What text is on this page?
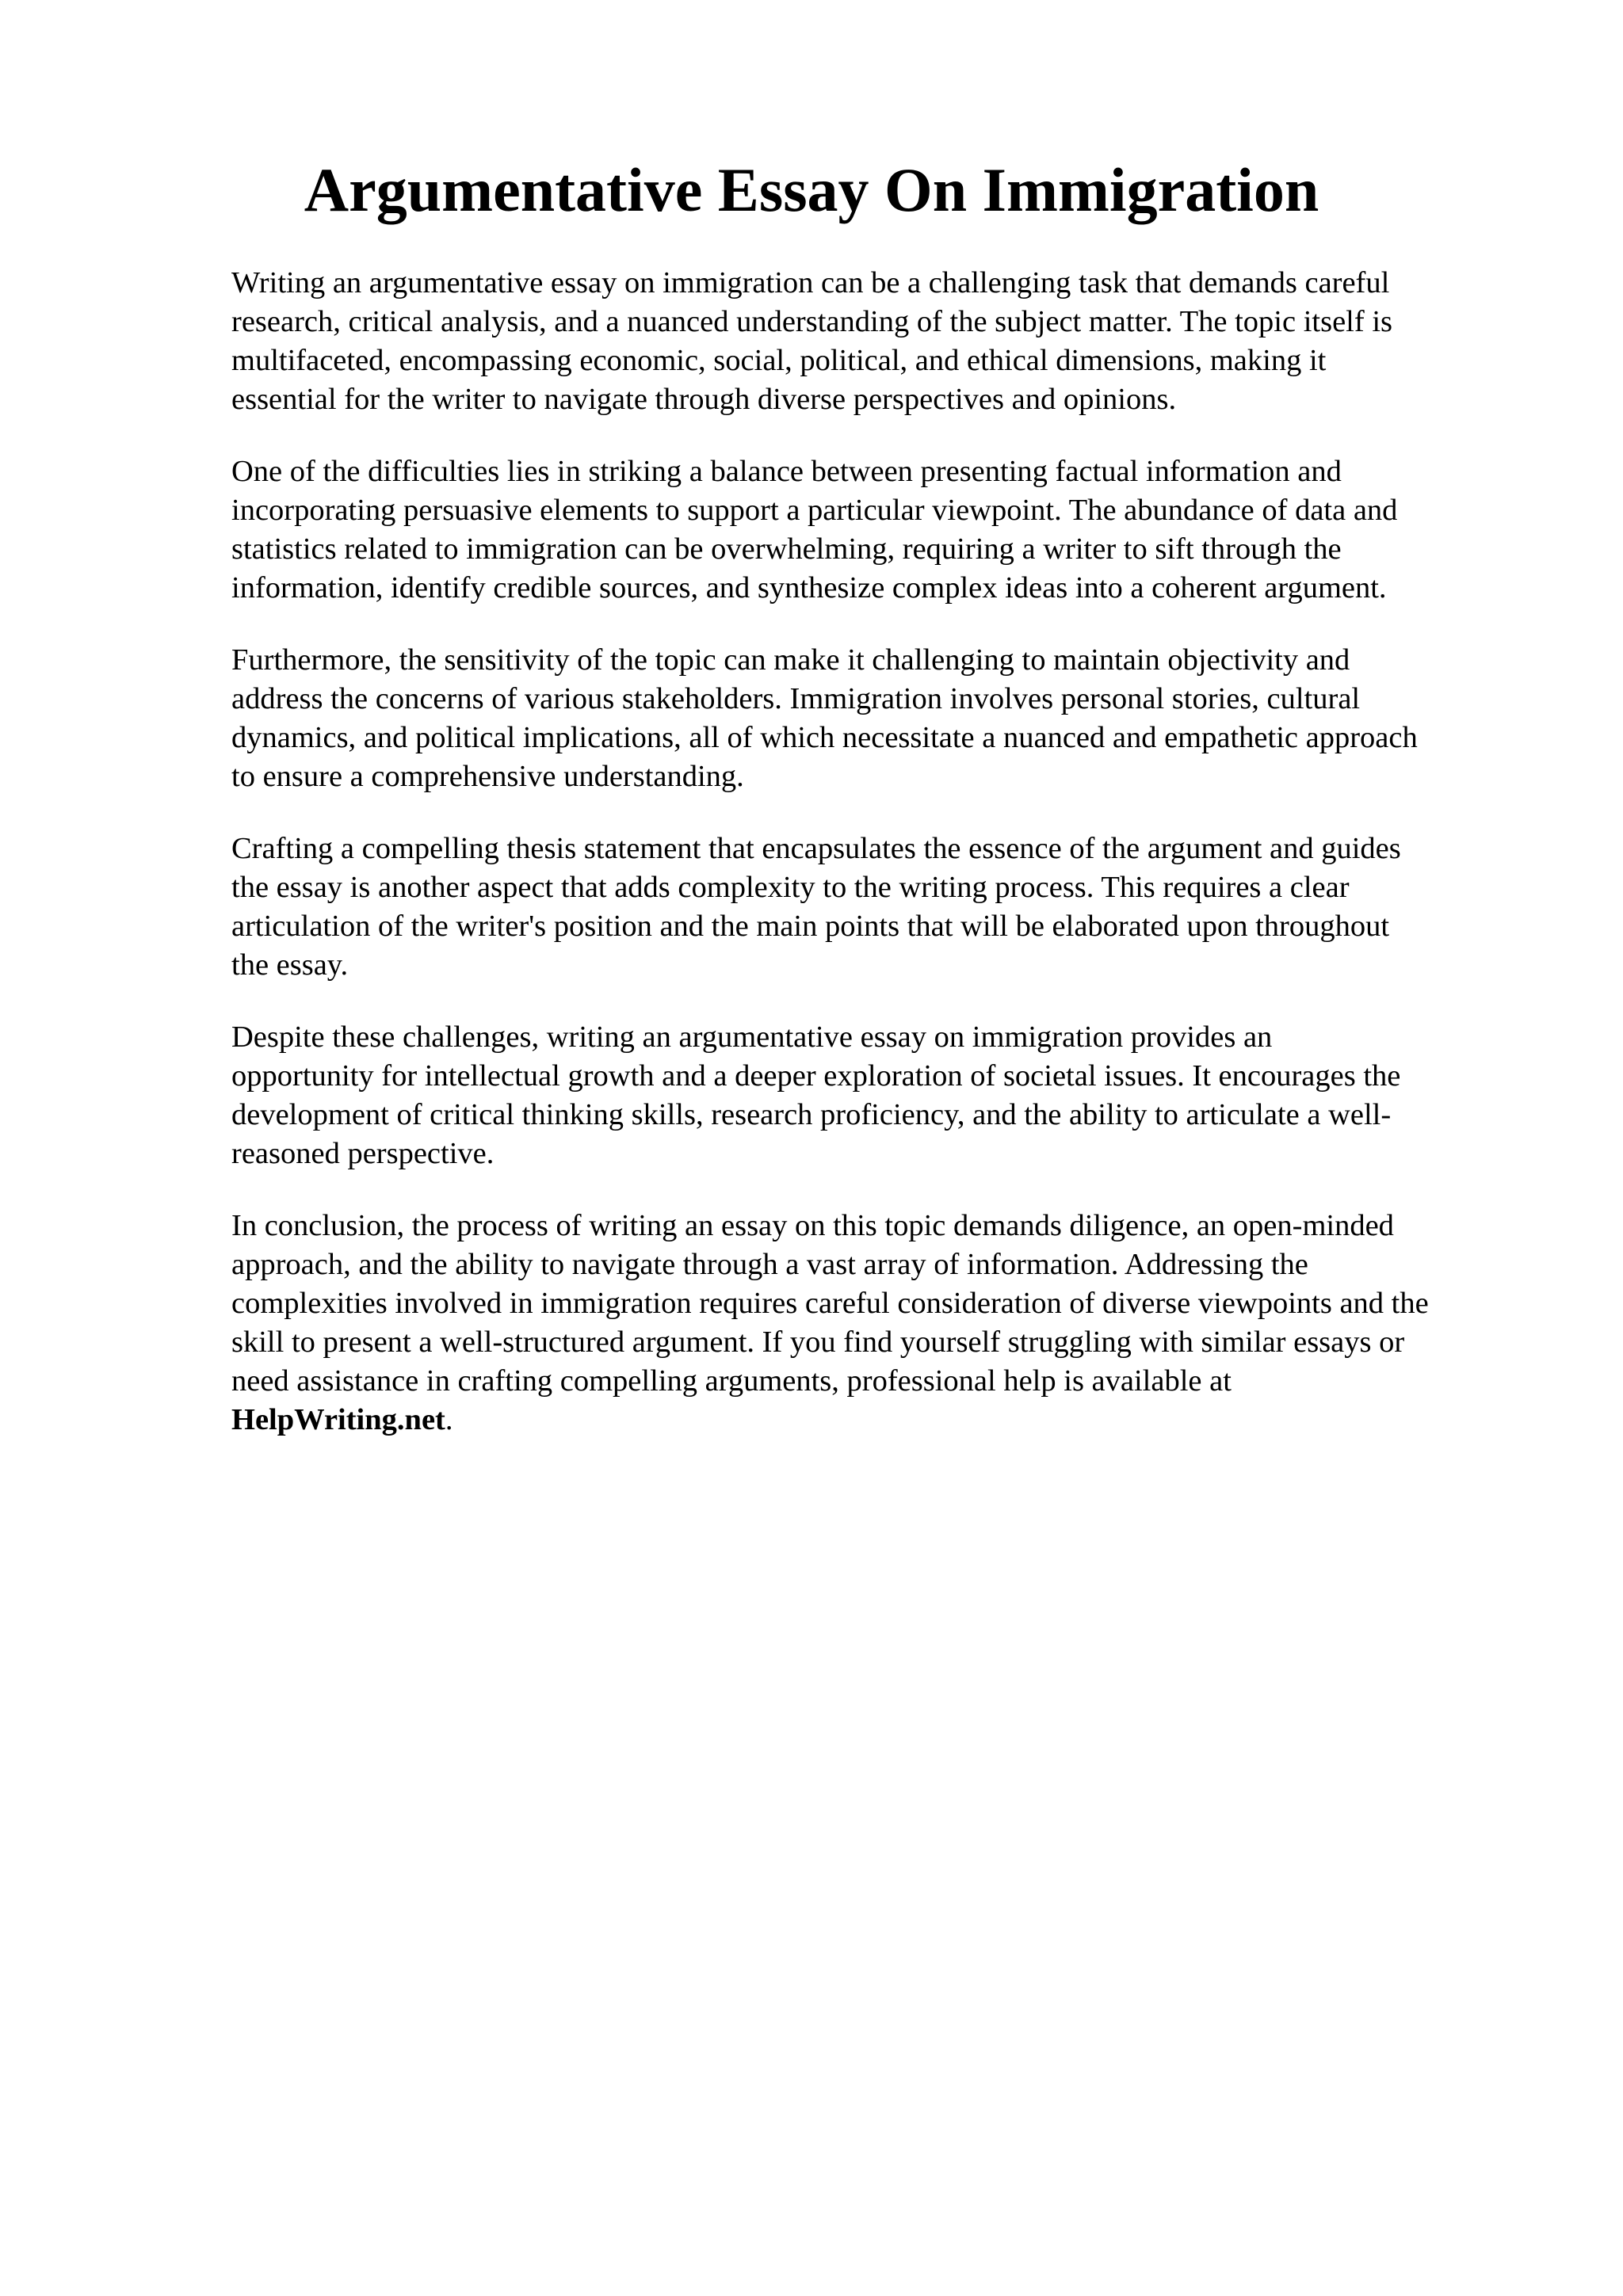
Argumentative Essay On Immigration

Writing an argumentative essay on immigration can be a challenging task that demands careful
research, critical analysis, and a nuanced understanding of the subject matter. The topic itself is
multifaceted, encompassing economic, social, political, and ethical dimensions, making it
essential for the writer to navigate through diverse perspectives and opinions.

One of the difficulties lies in striking a balance between presenting factual information and
incorporating persuasive elements to support a particular viewpoint. The abundance of data and
statistics related to immigration can be overwhelming, requiring a writer to sift through the
information, identify credible sources, and synthesize complex ideas into a coherent argument.

Furthermore, the sensitivity of the topic can make it challenging to maintain objectivity and
address the concerns of various stakeholders. Immigration involves personal stories, cultural
dynamics, and political implications, all of which necessitate a nuanced and empathetic approach
to ensure a comprehensive understanding.

Crafting a compelling thesis statement that encapsulates the essence of the argument and guides
the essay is another aspect that adds complexity to the writing process. This requires a clear
articulation of the writer's position and the main points that will be elaborated upon throughout
the essay.

Despite these challenges, writing an argumentative essay on immigration provides an
opportunity for intellectual growth and a deeper exploration of societal issues. It encourages the
development of critical thinking skills, research proficiency, and the ability to articulate a well-
reasoned perspective.

In conclusion, the process of writing an essay on this topic demands diligence, an open-minded
approach, and the ability to navigate through a vast array of information. Addressing the
complexities involved in immigration requires careful consideration of diverse viewpoints and the
skill to present a well-structured argument. If you find yourself struggling with similar essays or
need assistance in crafting compelling arguments, professional help is available at
HelpWriting.net.
